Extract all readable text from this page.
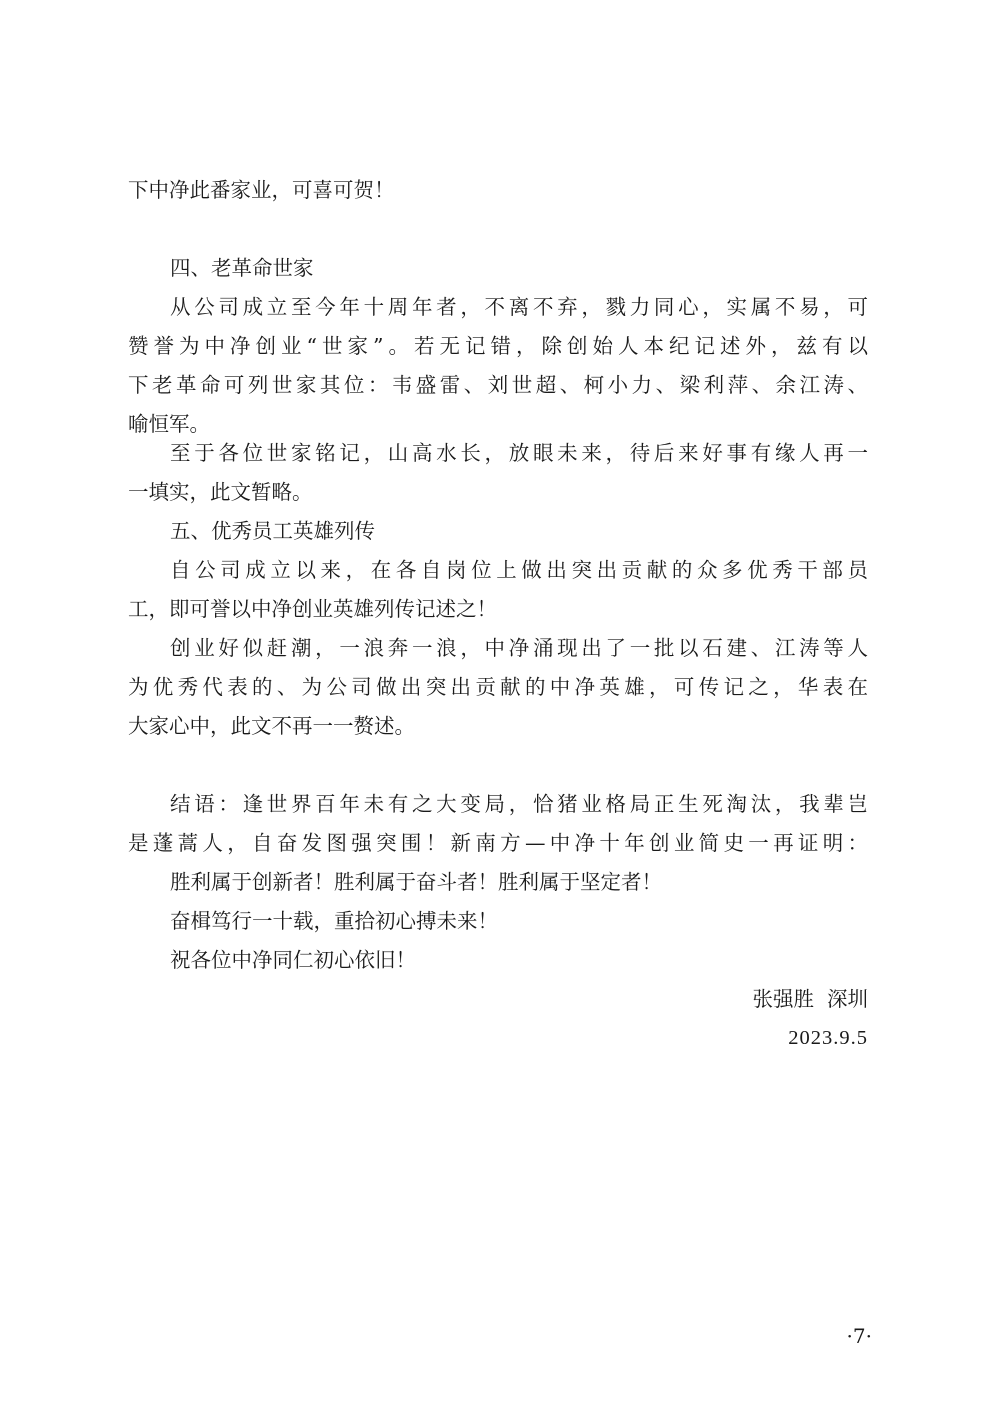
下中净此番家业，可喜可贺！
四、老革命世家
从公司成立至今年十周年者，不离不弃，戮力同心，实属不易，可
赞誉为中净创业“世家”。若无记错，除创始人本纪记述外，兹有以
下老革命可列世家其位：韦盛雷、刘世超、柯小力、梁利萍、余江涛、
喻恒军。
至于各位世家铭记，山高水长，放眼未来，待后来好事有缘人再一
一填实，此文暂略。
五、优秀员工英雄列传
自公司成立以来，在各自岗位上做出突出贡献的众多优秀干部员
工，即可誉以中净创业英雄列传记述之！
创业好似赶潮，一浪奔一浪，中净涌现出了一批以石建、江涛等人
为优秀代表的、为公司做出突出贡献的中净英雄，可传记之，华表在
大家心中，此文不再一一赘述。
结语：逢世界百年未有之大变局，恰猪业格局正生死淘汰，我辈岂
是蓬蒿人，自奋发图强突围！新南方—中净十年创业简史一再证明：
胜利属于创新者！胜利属于奋斗者！胜利属于坚定者！
奋楫笃行一十载，重拾初心搏未来！
祝各位中净同仁初心依旧！
张强胜  深圳
2023.9.5
·7·
